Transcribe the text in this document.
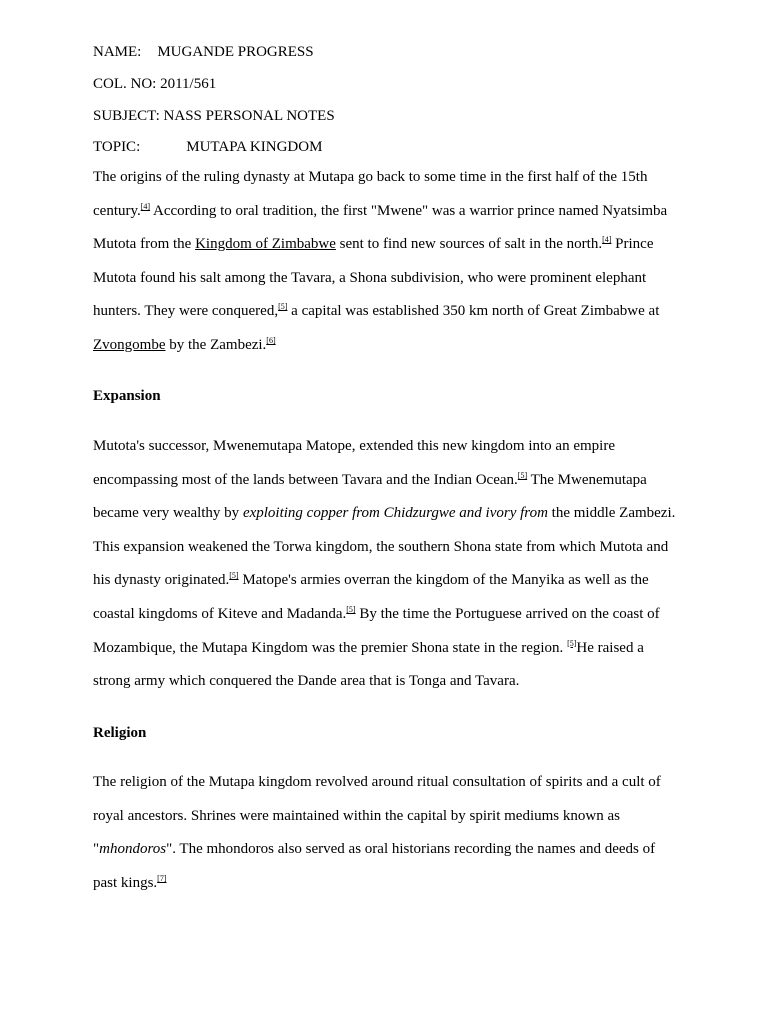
NAME: MUGANDE PROGRESS
COL. NO: 2011/561
SUBJECT: NASS PERSONAL NOTES
TOPIC:	MUTAPA KINGDOM

The origins of the ruling dynasty at Mutapa go back to some time in the first half of the 15th century.[4] According to oral tradition, the first "Mwene" was a warrior prince named Nyatsimba Mutota from the Kingdom of Zimbabwe sent to find new sources of salt in the north.[4] Prince Mutota found his salt among the Tavara, a Shona subdivision, who were prominent elephant hunters. They were conquered,[5] a capital was established 350 km north of Great Zimbabwe at Zvongombe by the Zambezi.[6]

Expansion

Mutota's successor, Mwenemutapa Matope, extended this new kingdom into an empire encompassing most of the lands between Tavara and the Indian Ocean.[5] The Mwenemutapa became very wealthy by exploiting copper from Chidzurgwe and ivory from the middle Zambezi. This expansion weakened the Torwa kingdom, the southern Shona state from which Mutota and his dynasty originated.[5] Matope's armies overran the kingdom of the Manyika as well as the coastal kingdoms of Kiteve and Madanda.[5] By the time the Portuguese arrived on the coast of Mozambique, the Mutapa Kingdom was the premier Shona state in the region. [5]He raised a strong army which conquered the Dande area that is Tonga and Tavara.

Religion

The religion of the Mutapa kingdom revolved around ritual consultation of spirits and a cult of royal ancestors. Shrines were maintained within the capital by spirit mediums known as "mhondoros". The mhondoros also served as oral historians recording the names and deeds of past kings.[7]
